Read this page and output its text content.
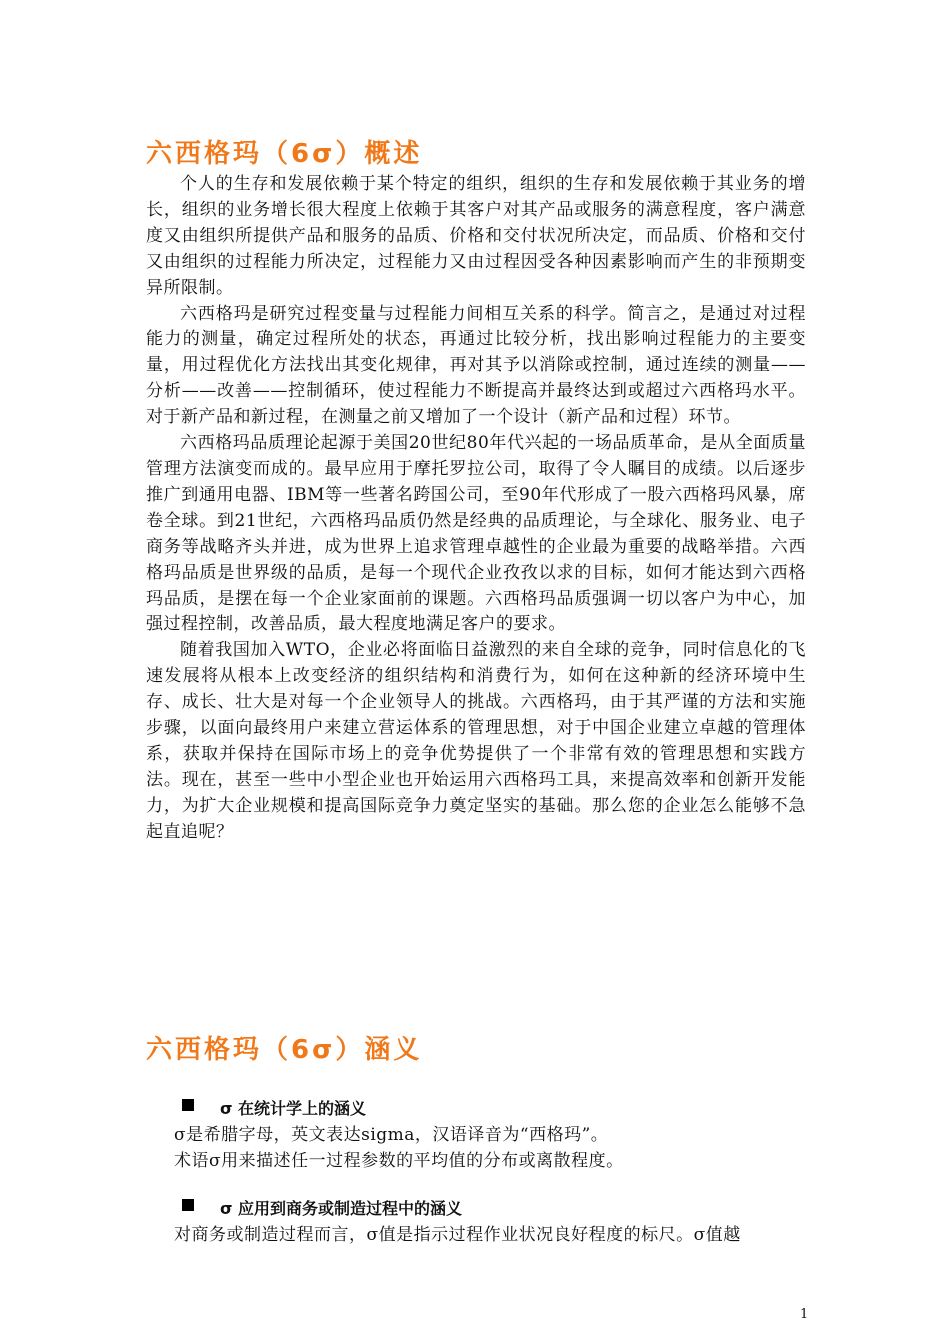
六西格玛（6σ）概述

个人的生存和发展依赖于某个特定的组织，组织的生存和发展依赖于其业务的增长，组织的业务增长很大程度上依赖于其客户对其产品或服务的满意程度，客户满意度又由组织所提供产品和服务的品质、价格和交付状况所决定，而品质、价格和交付又由组织的过程能力所决定，过程能力又由过程因受各种因素影响而产生的非预期变异所限制。

六西格玛是研究过程变量与过程能力间相互关系的科学。简言之，是通过对过程能力的测量，确定过程所处的状态，再通过比较分析，找出影响过程能力的主要变量，用过程优化方法找出其变化规律，再对其予以消除或控制，通过连续的测量——分析——改善——控制循环，使过程能力不断提高并最终达到或超过六西格玛水平。对于新产品和新过程，在测量之前又增加了一个设计（新产品和过程）环节。

六西格玛品质理论起源于美国20世纪80年代兴起的一场品质革命，是从全面质量管理方法演变而成的。最早应用于摩托罗拉公司，取得了令人瞩目的成绩。以后逐步推广到通用电器、IBM等一些著名跨国公司，至90年代形成了一股六西格玛风暴，席卷全球。到21世纪，六西格玛品质仍然是经典的品质理论，与全球化、服务业、电子商务等战略齐头并进，成为世界上追求管理卓越性的企业最为重要的战略举措。六西格玛品质是世界级的品质，是每一个现代企业孜孜以求的目标，如何才能达到六西格玛品质，是摆在每一个企业家面前的课题。六西格玛品质强调一切以客户为中心，加强过程控制，改善品质，最大程度地满足客户的要求。

随着我国加入WTO，企业必将面临日益激烈的来自全球的竞争，同时信息化的飞速发展将从根本上改变经济的组织结构和消费行为，如何在这种新的经济环境中生存、成长、壮大是对每一个企业领导人的挑战。六西格玛，由于其严谨的方法和实施步骤，以面向最终用户来建立营运体系的管理思想，对于中国企业建立卓越的管理体系，获取并保持在国际市场上的竞争优势提供了一个非常有效的管理思想和实践方法。现在，甚至一些中小型企业也开始运用六西格玛工具，来提高效率和创新开发能力，为扩大企业规模和提高国际竞争力奠定坚实的基础。那么您的企业怎么能够不急起直追呢？

六西格玛（6σ）涵义
σ 在统计学上的涵义

σ是希腊字母，英文表达sigma，汉语译音为“西格玛”。

术语σ用来描述任一过程参数的平均值的分布或离散程度。

σ 应用到商务或制造过程中的涵义

对商务或制造过程而言，σ值是指示过程作业状况良好程度的标尺。σ值越

1
